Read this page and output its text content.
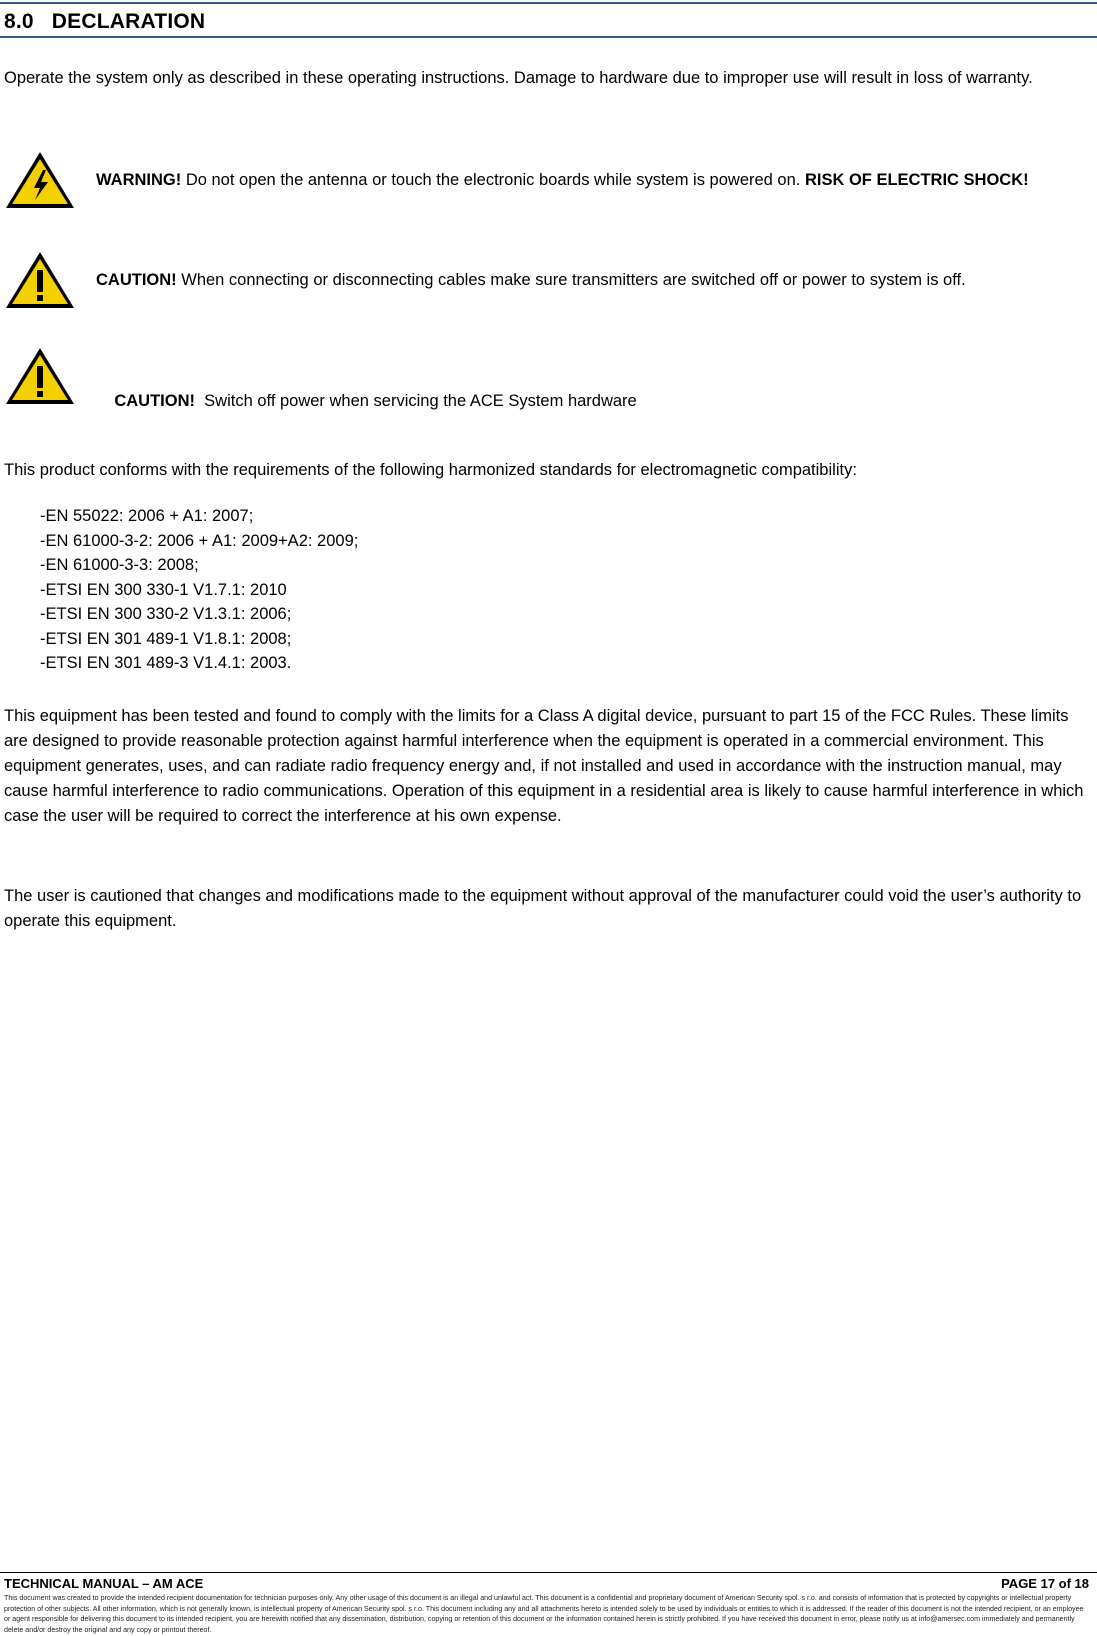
8.0 DECLARATION
Operate the system only as described in these operating instructions. Damage to hardware due to improper use will result in loss of warranty.
WARNING! Do not open the antenna or touch the electronic boards while system is powered on. RISK OF ELECTRIC SHOCK!
CAUTION! When connecting or disconnecting cables make sure transmitters are switched off or power to system is off.

CAUTION!  Switch off power when servicing the ACE System hardware

This product conforms with the requirements of the following harmonized standards for electromagnetic compatibility:
-EN 55022: 2006 + A1: 2007;
-EN 61000-3-2: 2006 + A1: 2009+A2: 2009;
-EN 61000-3-3: 2008;
-ETSI EN 300 330-1 V1.7.1: 2010
-ETSI EN 300 330-2 V1.3.1: 2006;
-ETSI EN 301 489-1 V1.8.1: 2008;
-ETSI EN 301 489-3 V1.4.1: 2003.
This equipment has been tested and found to comply with the limits for a Class A digital device, pursuant to part 15 of the FCC Rules. These limits are designed to provide reasonable protection against harmful interference when the equipment is operated in a commercial environment. This equipment generates, uses, and can radiate radio frequency energy and, if not installed and used in accordance with the instruction manual, may cause harmful interference to radio communications. Operation of this equipment in a residential area is likely to cause harmful interference in which case the user will be required to correct the interference at his own expense.
The user is cautioned that changes and modifications made to the equipment without approval of the manufacturer could void the user’s authority to operate this equipment.
TECHNICAL MANUAL – AM ACE	PAGE 17 of 18
This document was created to provide the intended recipient documentation for technician purposes only. Any other usage of this document is an illegal and unlawful act. This document is a confidential and proprietary document of American Security spol. s r.o. and consists of information that is protected by copyrights or intellectual property protection of other subjects. All other information, which is not generally known, is intellectual property of American Security spol. s r.o. This document including any and all attachments hereto is intended solely to be used by individuals or entities to which it is addressed. If the reader of this document is not the intended recipient, or an employee or agent responsible for delivering this document to its intended recipient, you are herewith notified that any dissemination, distribution, copying or retention of this document or the information contained herein is strictly prohibited. If you have received this document in error, please notify us at info@amersec.com immediately and permanently delete and/or destroy the original and any copy or printout thereof.
